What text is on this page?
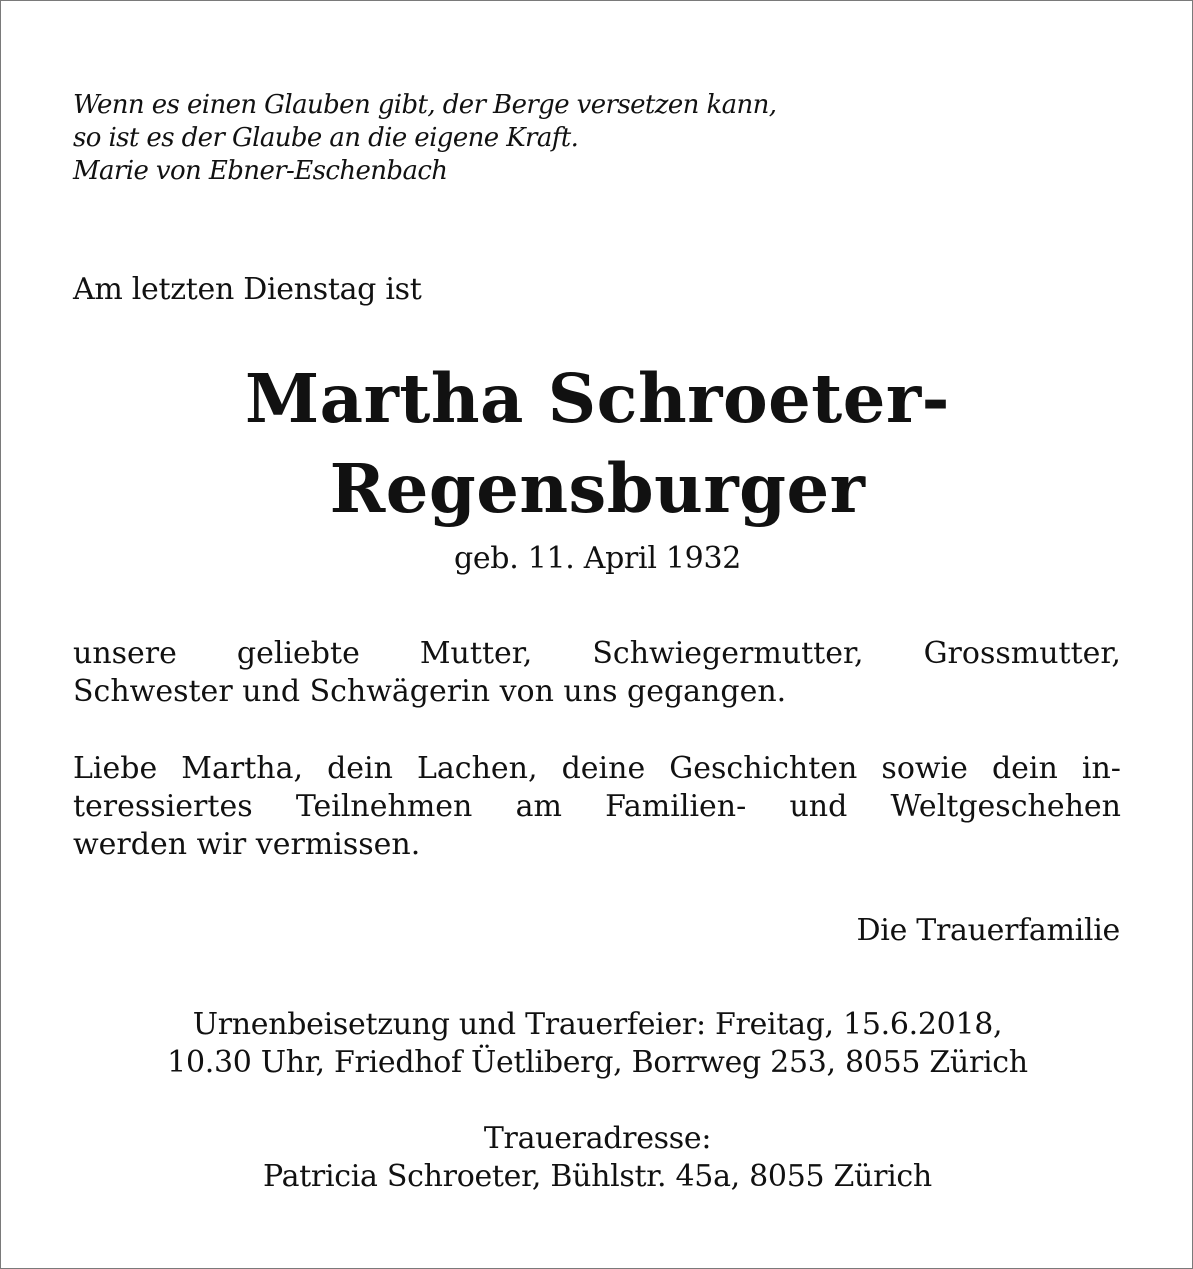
Wenn es einen Glauben gibt, der Berge versetzen kann,
so ist es der Glaube an die eigene Kraft.
Marie von Ebner-Eschenbach
Am letzten Dienstag ist
Martha Schroeter-
Regensburger
geb. 11. April 1932
unsere geliebte Mutter, Schwiegermutter, Grossmutter,
Schwester und Schwägerin von uns gegangen.
Liebe Martha, dein Lachen, deine Geschichten sowie dein in-
teressiertes Teilnehmen am Familien- und Weltgeschehen
werden wir vermissen.
Die Trauerfamilie
Urnenbeisetzung und Trauerfeier: Freitag, 15.6.2018,
10.30 Uhr, Friedhof Üetliberg, Borrweg 253, 8055 Zürich
Traueradresse:
Patricia Schroeter, Bühlstr. 45a, 8055 Zürich
